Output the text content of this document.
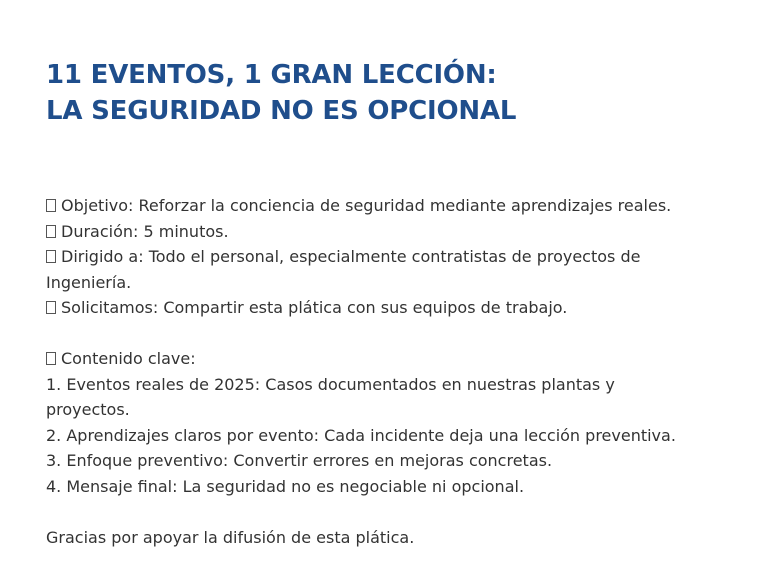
11 EVENTOS, 1 GRAN LECCIÓN:
LA SEGURIDAD NO ES OPCIONAL
Objetivo: Reforzar la conciencia de seguridad mediante aprendizajes reales.
Duración: 5 minutos.
Dirigido a: Todo el personal, especialmente contratistas de proyectos de
Ingeniería.
Solicitamos: Compartir esta plática con sus equipos de trabajo.
Contenido clave:
1. Eventos reales de 2025: Casos documentados en nuestras plantas y
proyectos.
2. Aprendizajes claros por evento: Cada incidente deja una lección preventiva.
3. Enfoque preventivo: Convertir errores en mejoras concretas.
4. Mensaje final: La seguridad no es negociable ni opcional.
Gracias por apoyar la difusión de esta plática.
